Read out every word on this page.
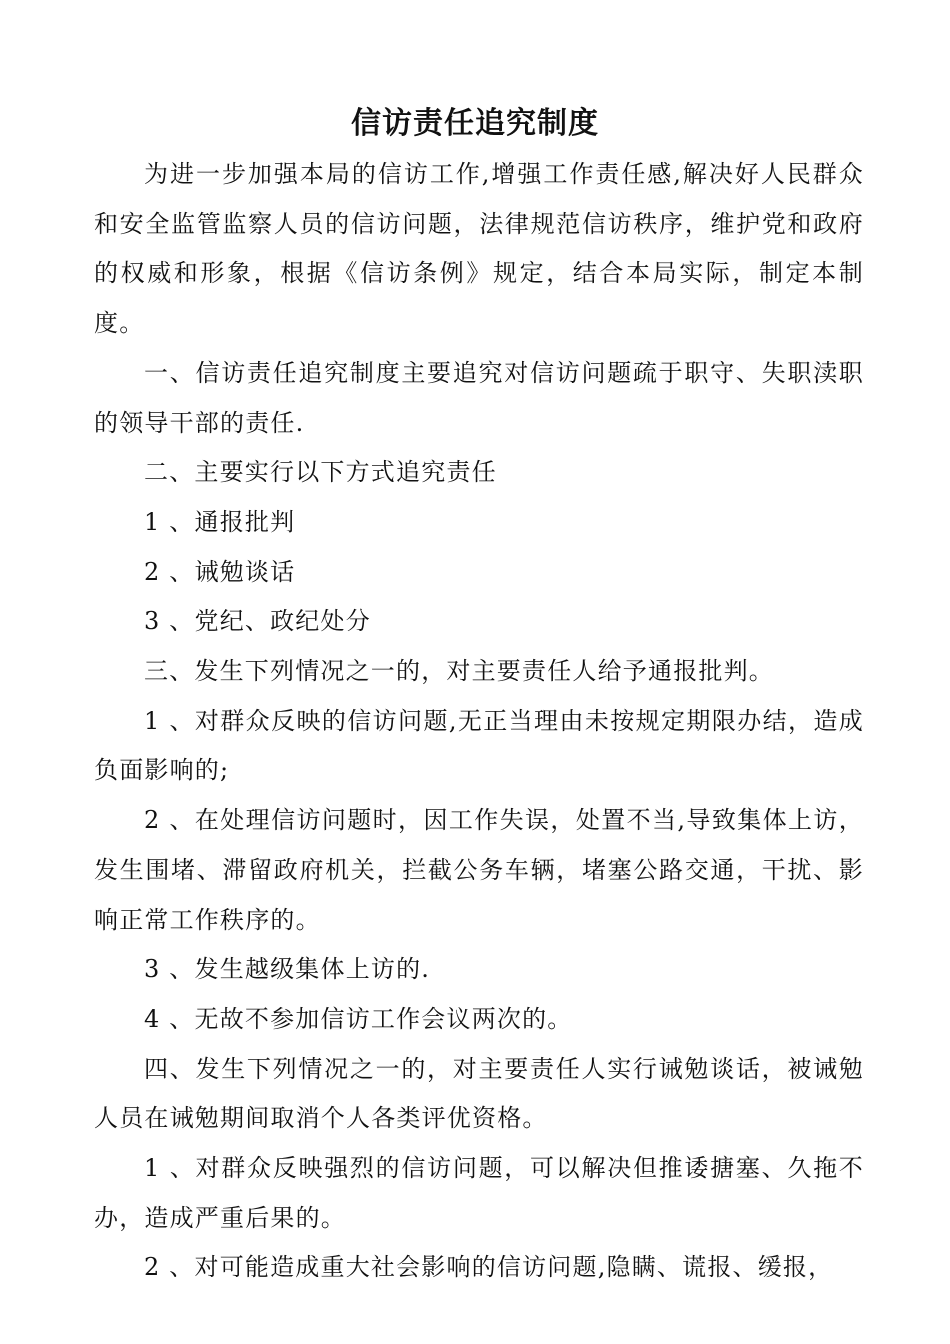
信访责任追究制度

为进一步加强本局的信访工作,增强工作责任感,解决好人民群众和安全监管监察人员的信访问题，法律规范信访秩序，维护党和政府的权威和形象，根据《信访条例》规定，结合本局实际，制定本制度。

一、信访责任追究制度主要追究对信访问题疏于职守、失职渎职的领导干部的责任.

二、主要实行以下方式追究责任

1 、通报批判

2 、诫勉谈话

3 、党纪、政纪处分

三、发生下列情况之一的，对主要责任人给予通报批判。

1 、对群众反映的信访问题,无正当理由未按规定期限办结，造成负面影响的;

2 、在处理信访问题时，因工作失误，处置不当,导致集体上访，发生围堵、滞留政府机关，拦截公务车辆，堵塞公路交通，干扰、影响正常工作秩序的。

3 、发生越级集体上访的.

4 、无故不参加信访工作会议两次的。

四、发生下列情况之一的，对主要责任人实行诫勉谈话，被诫勉人员在诫勉期间取消个人各类评优资格。

1 、对群众反映强烈的信访问题，可以解决但推诿搪塞、久拖不办，造成严重后果的。

2 、对可能造成重大社会影响的信访问题,隐瞒、谎报、缓报，
